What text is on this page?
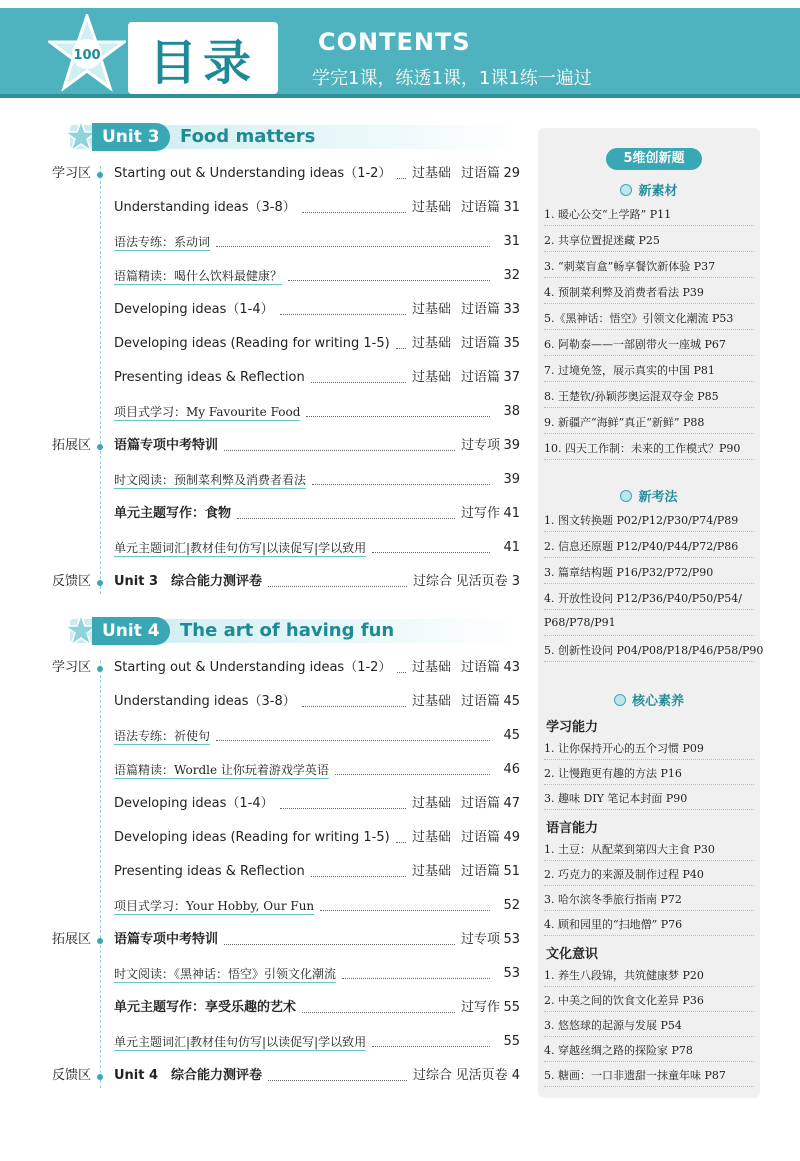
100 目录	CONTENTS
学完1课，练透1课，1课1练一遍过
Unit 3	Food matters
学习区 Starting out & Understanding ideas（1-2） 过基础 过语篇 29
Understanding ideas（3-8）	过基础 过语篇 31
语法专练：系动词	31
语篇精读：喝什么饮料最健康？	32
Developing ideas（1-4）	过基础 过语篇 33
Developing ideas (Reading for writing 1-5) 过基础 过语篇 35
Presenting ideas & Reflection	过基础 过语篇 37
项目式学习：My Favourite Food	38
拓展区 语篇专项中考特训	过专项 39
时文阅读：预制菜利弊及消费者看法	39
单元主题写作：食物	过写作 41
单元主题词汇|教材佳句仿写|以读促写|学以致用	41
反馈区 Unit 3　综合能力测评卷	过综合 见活页卷 3
Unit 4	The art of having fun
学习区 Starting out & Understanding ideas（1-2） 过基础 过语篇 43
Understanding ideas（3-8）	过基础 过语篇 45
语法专练：祈使句	45
语篇精读：Wordle 让你玩着游戏学英语	46
Developing ideas（1-4）	过基础 过语篇 47
Developing ideas (Reading for writing 1-5) 过基础 过语篇 49
Presenting ideas & Reflection	过基础 过语篇 51
项目式学习：Your Hobby, Our Fun	52
拓展区 语篇专项中考特训	过专项 53
时文阅读：《黑神话：悟空》引领文化潮流	53
单元主题写作：享受乐趣的艺术	过写作 55
单元主题词汇|教材佳句仿写|以读促写|学以致用	55
反馈区 Unit 4　综合能力测评卷	过综合 见活页卷 4
5维创新题
新素材
1. 暖心公交“上学路” P11
2. 共享位置捉迷藏 P25
3. “刺菜盲盒”畅享餐饮新体验 P37
4. 预制菜利弊及消费者看法 P39
5.《黑神话：悟空》引领文化潮流 P53
6. 阿勒泰——一部剧带火一座城 P67
7. 过境免签，展示真实的中国 P81
8. 王楚钦/孙颖莎奥运混双夺金 P85
9. 新疆产“海鲜”真正“新鲜” P88
10. 四天工作制：未来的工作模式？P90
新考法
1. 图文转换题 P02/P12/P30/P74/P89
2. 信息还原题 P12/P40/P44/P72/P86
3. 篇章结构题 P16/P32/P72/P90
4. 开放性设问 P12/P36/P40/P50/P54/
P68/P78/P91
5. 创新性设问 P04/P08/P18/P46/P58/P90
核心素养
学习能力
1. 让你保持开心的五个习惯 P09
2. 让慢跑更有趣的方法 P16
3. 趣味 DIY 笔记本封面 P90
语言能力
1. 土豆：从配菜到第四大主食 P30
2. 巧克力的来源及制作过程 P40
3. 哈尔滨冬季旅行指南 P72
4. 顾和园里的“扫地僧” P76
文化意识
1. 养生八段锦，共筑健康梦 P20
2. 中美之间的饮食文化差异 P36
3. 悠悠球的起源与发展 P54
4. 穿越丝绸之路的探险家 P78
5. 糖画：一口非遗甜一抹童年味 P87
